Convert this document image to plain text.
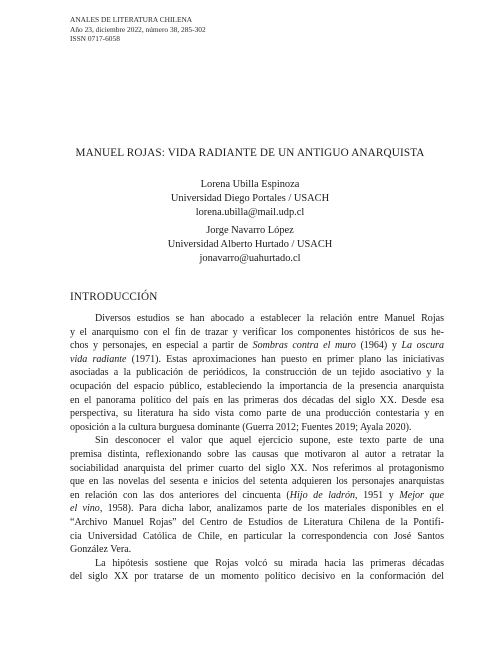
ANALES DE LITERATURA CHILENA
Año 23, diciembre 2022, número 38, 285-302
ISSN 0717-6058
MANUEL ROJAS: VIDA RADIANTE DE UN ANTIGUO ANARQUISTA
Lorena Ubilla Espinoza
Universidad Diego Portales / USACH
lorena.ubilla@mail.udp.cl
Jorge Navarro López
Universidad Alberto Hurtado / USACH
jonavarro@uahurtado.cl
INTRODUCCIÓN
Diversos estudios se han abocado a establecer la relación entre Manuel Rojas
y el anarquismo con el fin de trazar y verificar los componentes históricos de sus he-
chos y personajes, en especial a partir de Sombras contra el muro (1964) y La oscura
vida radiante (1971). Estas aproximaciones han puesto en primer plano las iniciativas
asociadas a la publicación de periódicos, la construcción de un tejido asociativo y la
ocupación del espacio público, estableciendo la importancia de la presencia anarquista
en el panorama político del país en las primeras dos décadas del siglo XX. Desde esa
perspectiva, su literatura ha sido vista como parte de una producción contestaria y en
oposición a la cultura burguesa dominante (Guerra 2012; Fuentes 2019; Ayala 2020).
Sin desconocer el valor que aquel ejercicio supone, este texto parte de una
premisa distinta, reflexionando sobre las causas que motivaron al autor a retratar la
sociabilidad anarquista del primer cuarto del siglo XX. Nos referimos al protagonismo
que en las novelas del sesenta e inicios del setenta adquieren los personajes anarquistas
en relación con las dos anteriores del cincuenta (Hijo de ladrón, 1951 y Mejor que
el vino, 1958). Para dicha labor, analizamos parte de los materiales disponibles en el
“Archivo Manuel Rojas” del Centro de Estudios de Literatura Chilena de la Pontifi-
cia Universidad Católica de Chile, en particular la correspondencia con José Santos
González Vera.
La hipótesis sostiene que Rojas volcó su mirada hacia las primeras décadas
del siglo XX por tratarse de un momento político decisivo en la conformación del
